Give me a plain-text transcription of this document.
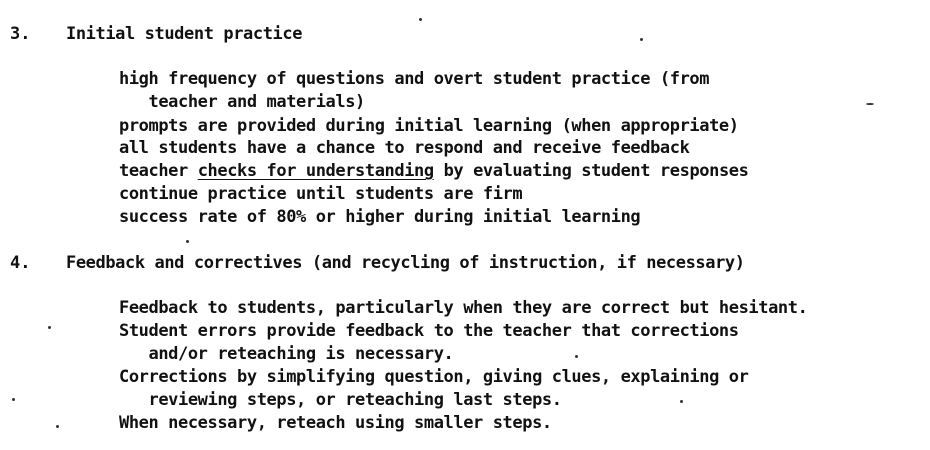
3. Initial student practice
high frequency of questions and overt student practice (from
teacher and materials)
prompts are provided during initial learning (when appropriate)
all students have a chance to respond and receive feedback
teacher checks for understanding by evaluating student responses
continue practice until students are firm
success rate of 80% or higher during initial learning
4. Feedback and correctives (and recycling of instruction, if necessary)
Feedback to students, particularly when they are correct but hesitant.
Student errors provide feedback to the teacher that corrections
and/or reteaching is necessary.
Corrections by simplifying question, giving clues, explaining or
reviewing steps, or reteaching last steps.
When necessary, reteach using smaller steps.
